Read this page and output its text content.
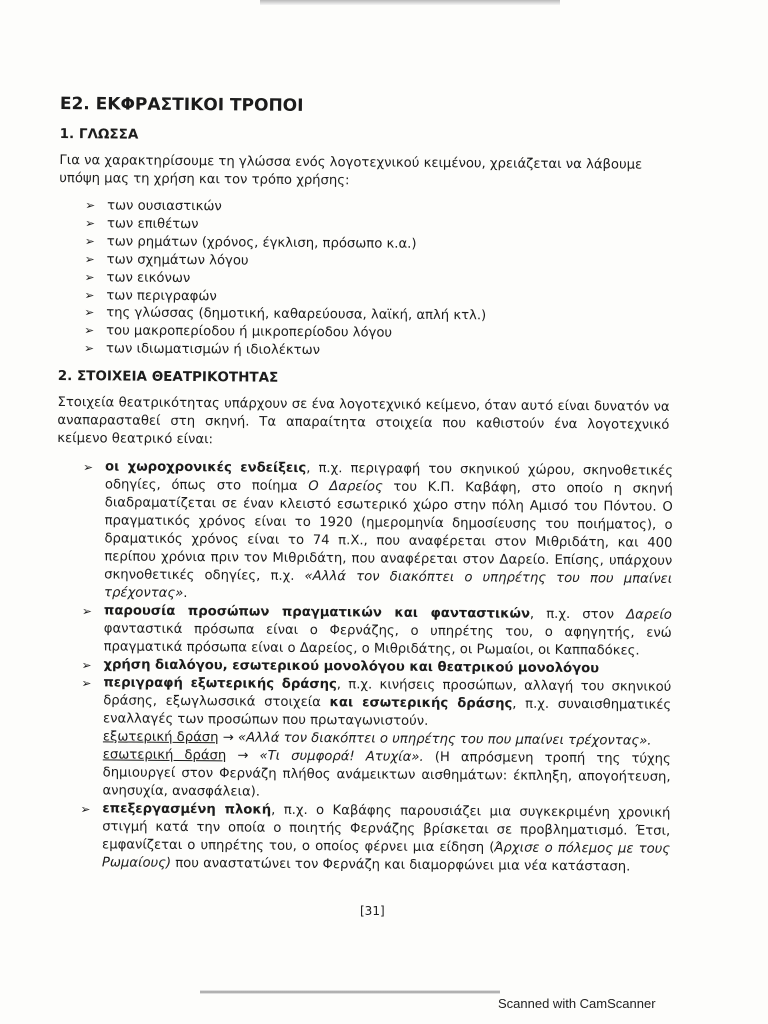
Ε2. ΕΚΦΡΑΣΤΙΚΟΙ ΤΡΟΠΟΙ
1. ΓΛΩΣΣΑ

Για να χαρακτηρίσουμε τη γλώσσα ενός λογοτεχνικού κειμένου, χρειάζεται να λάβουμε υπόψη μας τη χρήση και τον τρόπο χρήσης:

➢ των ουσιαστικών
➢ των επιθέτων
➢ των ρημάτων (χρόνος, έγκλιση, πρόσωπο κ.α.)
➢ των σχημάτων λόγου
➢ των εικόνων
➢ των περιγραφών
➢ της γλώσσας (δημοτική, καθαρεύουσα, λαϊκή, απλή κτλ.)
➢ του μακροπερίοδου ή μικροπερίοδου λόγου
➢ των ιδιωματισμών ή ιδιολέκτων
2. ΣΤΟΙΧΕΙΑ ΘΕΑΤΡΙΚΟΤΗΤΑΣ

Στοιχεία θεατρικότητας υπάρχουν σε ένα λογοτεχνικό κείμενο, όταν αυτό είναι δυνατόν να αναπαρασταθεί στη σκηνή. Τα απαραίτητα στοιχεία που καθιστούν ένα λογοτεχνικό κείμενο θεατρικό είναι:

➢ οι χωροχρονικές ενδείξεις, π.χ. περιγραφή του σκηνικού χώρου, σκηνοθετικές οδηγίες, όπως στο ποίημα Ο Δαρείος του Κ.Π. Καβάφη, στο οποίο η σκηνή διαδραματίζεται σε έναν κλειστό εσωτερικό χώρο στην πόλη Αμισό του Πόντου. Ο πραγματικός χρόνος είναι το 1920 (ημερομηνία δημοσίευσης του ποιήματος), ο δραματικός χρόνος είναι το 74 π.Χ., που αναφέρεται στον Μιθριδάτη, και 400 περίπου χρόνια πριν τον Μιθριδάτη, που αναφέρεται στον Δαρείο. Επίσης, υπάρχουν σκηνοθετικές οδηγίες, π.χ. «Αλλά τον διακόπτει ο υπηρέτης του που μπαίνει τρέχοντας».
➢ παρουσία προσώπων πραγματικών και φανταστικών, π.χ. στον Δαρείο φανταστικά πρόσωπα είναι ο Φερνάζης, ο υπηρέτης του, ο αφηγητής, ενώ πραγματικά πρόσωπα είναι ο Δαρείος, ο Μιθριδάτης, οι Ρωμαίοι, οι Καππαδόκες.
➢ χρήση διαλόγου, εσωτερικού μονολόγου και θεατρικού μονολόγου
➢ περιγραφή εξωτερικής δράσης, π.χ. κινήσεις προσώπων, αλλαγή του σκηνικού δράσης, εξωγλωσσικά στοιχεία και εσωτερικής δράσης, π.χ. συναισθηματικές εναλλαγές των προσώπων που πρωταγωνιστούν.
εξωτερική δράση → «Αλλά τον διακόπτει ο υπηρέτης του που μπαίνει τρέχοντας».
εσωτερική δράση → «Τι συμφορά! Ατυχία». (Η απρόσμενη τροπή της τύχης δημιουργεί στον Φερνάζη πλήθος ανάμεικτων αισθημάτων: έκπληξη, απογοήτευση, ανησυχία, ανασφάλεια).
➢ επεξεργασμένη πλοκή, π.χ. ο Καβάφης παρουσιάζει μια συγκεκριμένη χρονική στιγμή κατά την οποία ο ποιητής Φερνάζης βρίσκεται σε προβληματισμό. Έτσι, εμφανίζεται ο υπηρέτης του, ο οποίος φέρνει μια είδηση (Άρχισε ο πόλεμος με τους Ρωμαίους) που αναστατώνει τον Φερνάζη και διαμορφώνει μια νέα κατάσταση.
[31]
Scanned with CamScanner
